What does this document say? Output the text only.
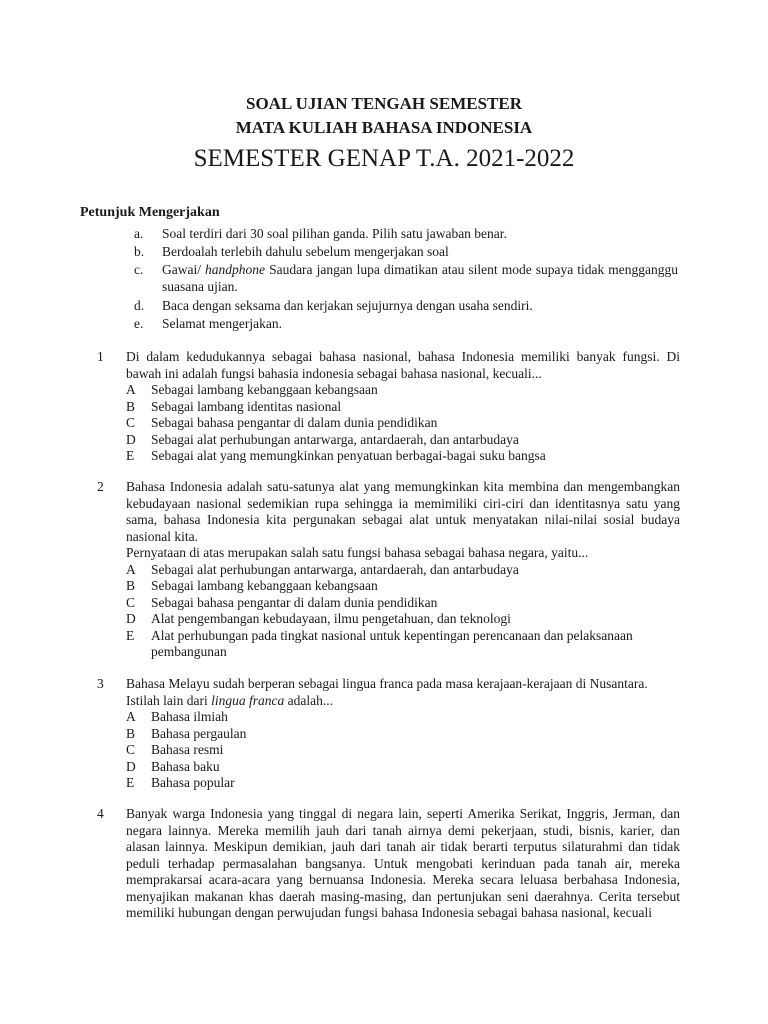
SOAL UJIAN TENGAH SEMESTER
MATA KULIAH BAHASA INDONESIA
SEMESTER GENAP T.A. 2021-2022
Petunjuk Mengerjakan
a. Soal terdiri dari 30 soal pilihan ganda. Pilih satu jawaban benar.
b. Berdoalah terlebih dahulu sebelum mengerjakan soal
c. Gawai/ handphone Saudara jangan lupa dimatikan atau silent mode supaya tidak mengganggu suasana ujian.
d. Baca dengan seksama dan kerjakan sejujurnya dengan usaha sendiri.
e. Selamat mengerjakan.
1 Di dalam kedudukannya sebagai bahasa nasional, bahasa Indonesia memiliki banyak fungsi. Di bawah ini adalah fungsi bahasia indonesia sebagai bahasa nasional, kecuali...
A Sebagai lambang kebanggaan kebangsaan
B Sebagai lambang identitas nasional
C Sebagai bahasa pengantar di dalam dunia pendidikan
D Sebagai alat perhubungan antarwarga, antardaerah, dan antarbudaya
E Sebagai alat yang memungkinkan penyatuan berbagai-bagai suku bangsa
2 Bahasa Indonesia adalah satu-satunya alat yang memungkinkan kita membina dan mengembangkan kebudayaan nasional sedemikian rupa sehingga ia memimiliki ciri-ciri dan identitasnya satu yang sama, bahasa Indonesia kita pergunakan sebagai alat untuk menyatakan nilai-nilai sosial budaya nasional kita.
Pernyataan di atas merupakan salah satu fungsi bahasa sebagai bahasa negara, yaitu...
A Sebagai alat perhubungan antarwarga, antardaerah, dan antarbudaya
B Sebagai lambang kebanggaan kebangsaan
C Sebagai bahasa pengantar di dalam dunia pendidikan
D Alat pengembangan kebudayaan, ilmu pengetahuan, dan teknologi
E Alat perhubungan pada tingkat nasional untuk kepentingan perencanaan dan pelaksanaan pembangunan
3 Bahasa Melayu sudah berperan sebagai lingua franca pada masa kerajaan-kerajaan di Nusantara.
Istilah lain dari lingua franca adalah...
A Bahasa ilmiah
B Bahasa pergaulan
C Bahasa resmi
D Bahasa baku
E Bahasa popular
4 Banyak warga Indonesia yang tinggal di negara lain, seperti Amerika Serikat, Inggris, Jerman, dan negara lainnya. Mereka memilih jauh dari tanah airnya demi pekerjaan, studi, bisnis, karier, dan alasan lainnya. Meskipun demikian, jauh dari tanah air tidak berarti terputus silaturahmi dan tidak peduli terhadap permasalahan bangsanya. Untuk mengobati kerinduan pada tanah air, mereka memprakarsai acara-acara yang bernuansa Indonesia. Mereka secara leluasa berbahasa Indonesia, menyajikan makanan khas daerah masing-masing, dan pertunjukan seni daerahnya. Cerita tersebut memiliki hubungan dengan perwujudan fungsi bahasa Indonesia sebagai bahasa nasional, kecuali
